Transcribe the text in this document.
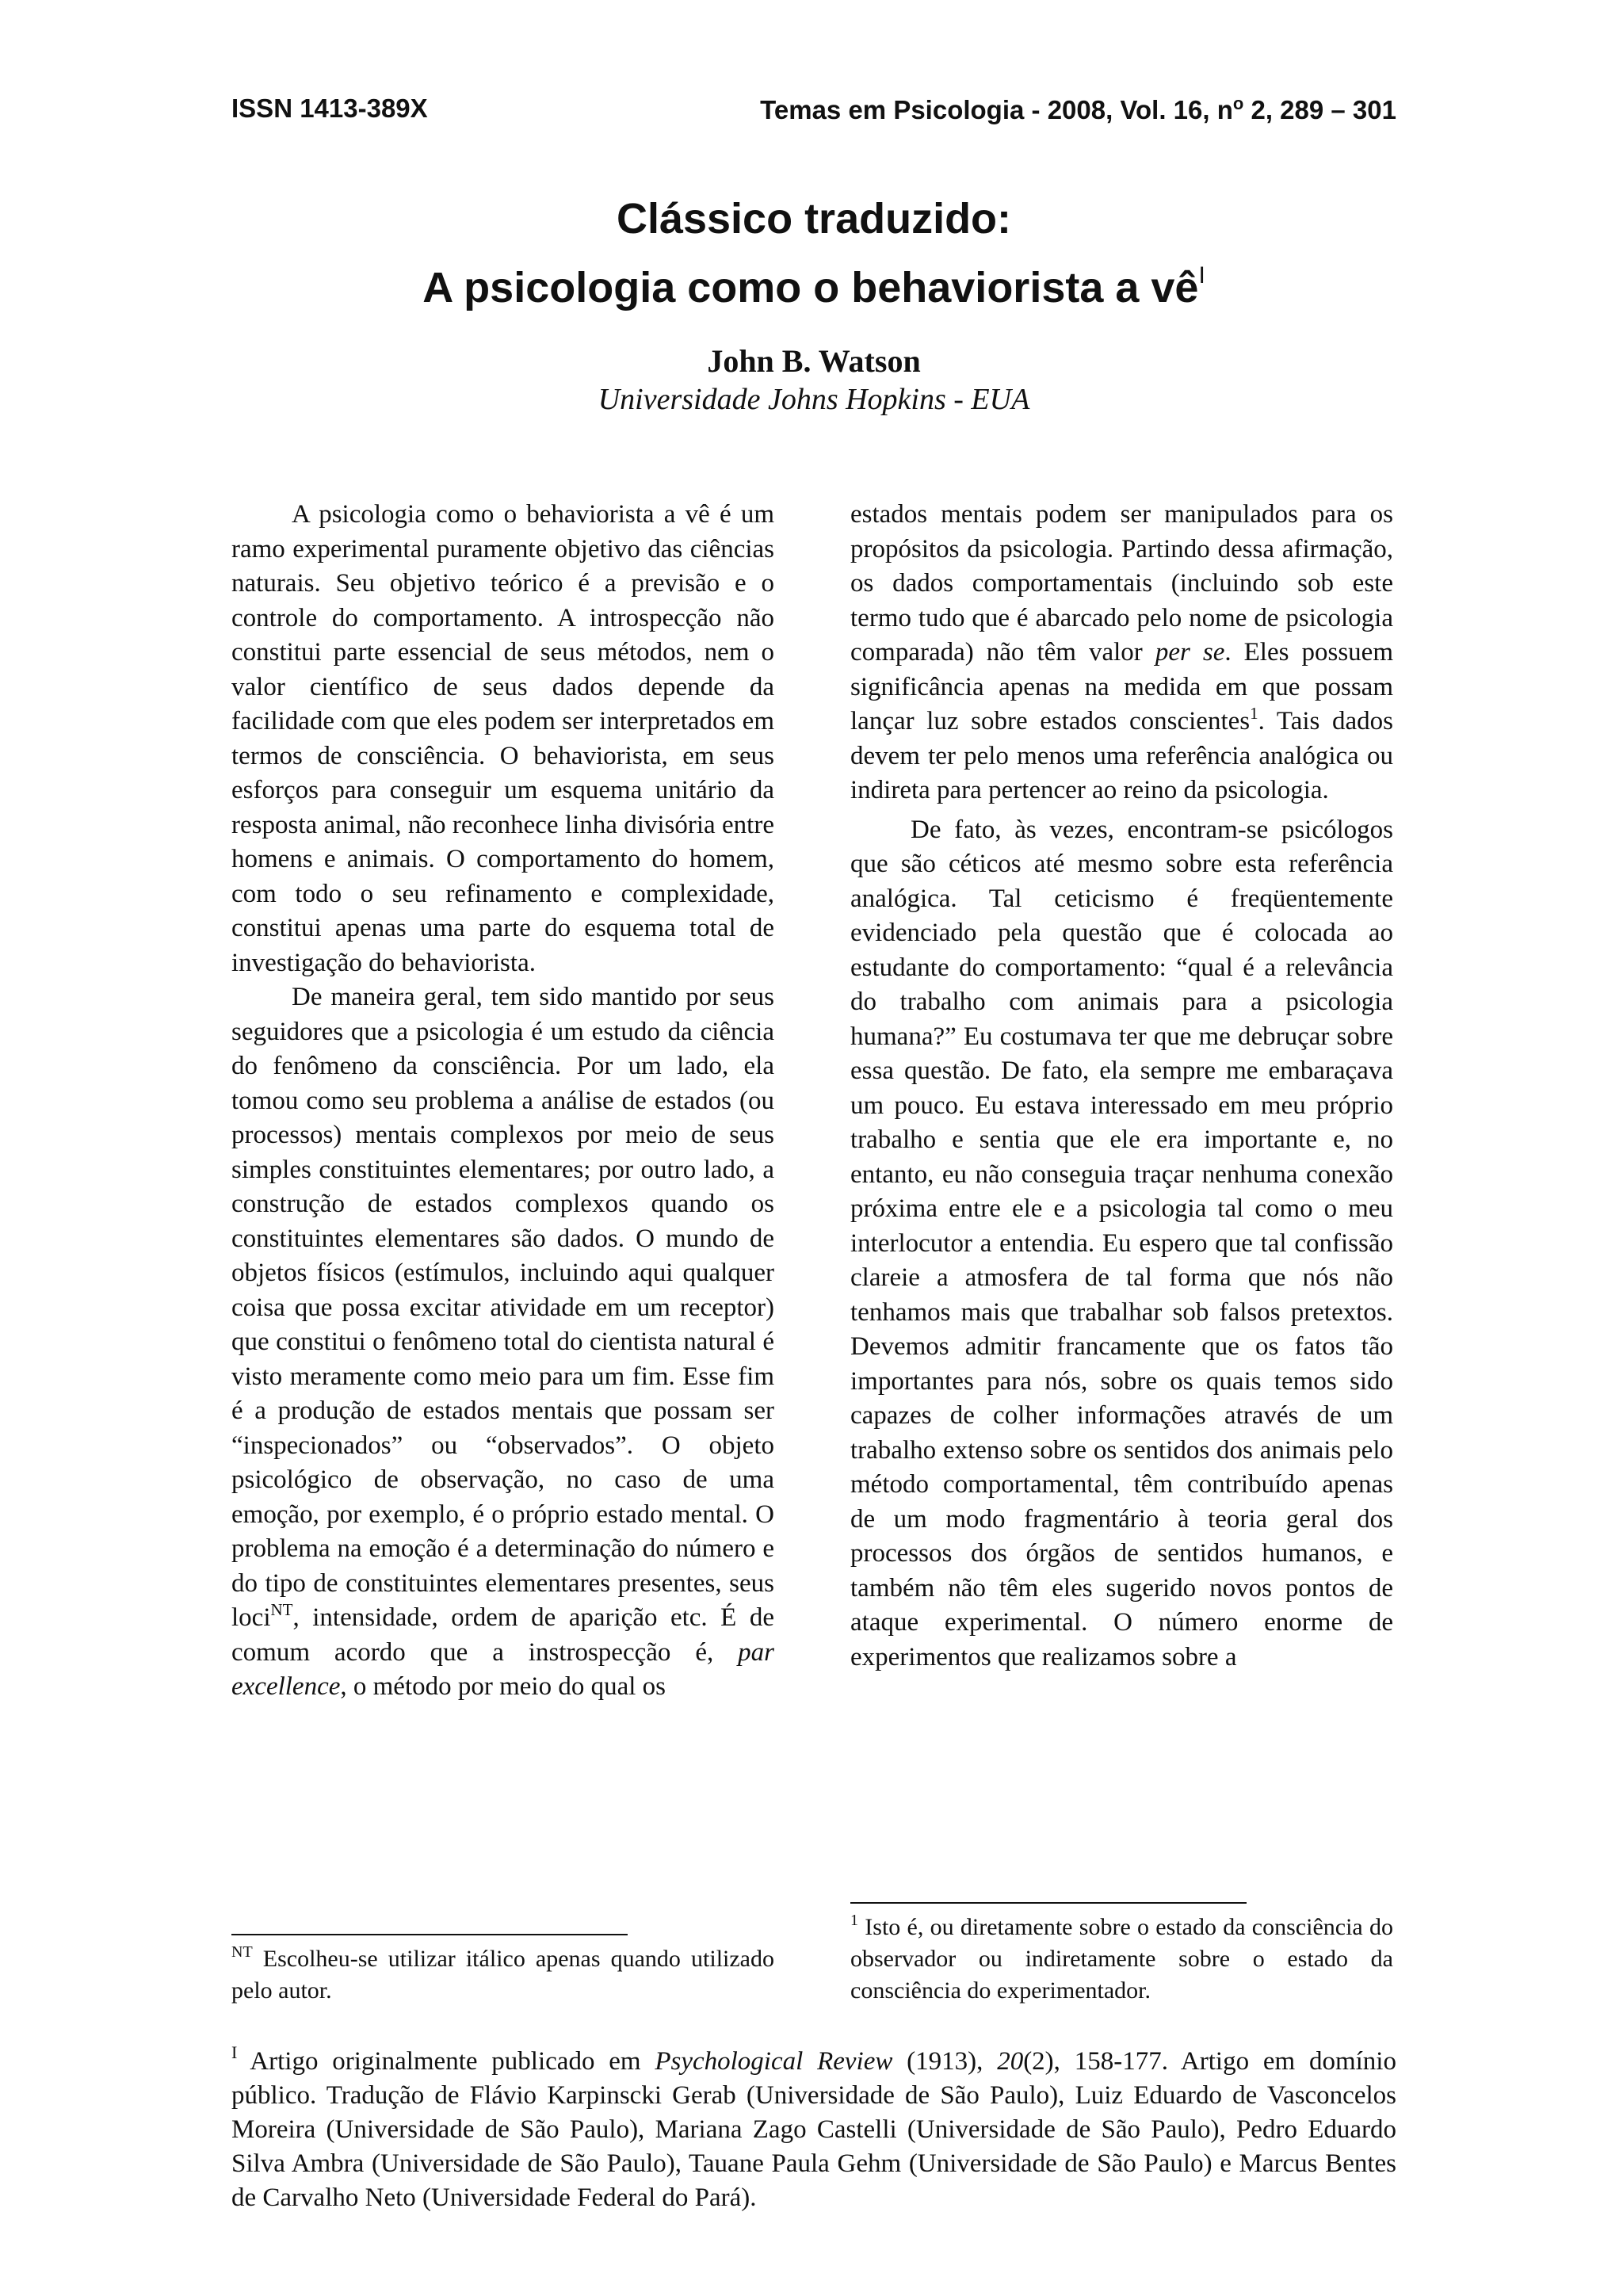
ISSN 1413-389X	Temas em Psicologia - 2008, Vol. 16, $n^o$ 2, 289 – 301
Clássico traduzido:
A psicologia como o behaviorista a $vê^I$
John B. Watson
Universidade Johns Hopkins - EUA

A psicologia como o behaviorista a vê é um ramo experimental puramente objetivo das ciências naturais. Seu objetivo teórico é a previsão e o controle do comportamento. A introspecção não constitui parte essencial de seus métodos, nem o valor científico de seus dados depende da facilidade com que eles podem ser interpretados em termos de consciência. O behaviorista, em seus esforços para conseguir um esquema unitário da resposta animal, não reconhece linha divisória entre homens e animais. O comportamento do homem, com todo o seu refinamento e complexidade, constitui apenas uma parte do esquema total de investigação do behaviorista.

De maneira geral, tem sido mantido por seus seguidores que a psicologia é um estudo da ciência do fenômeno da consciência. Por um lado, ela tomou como seu problema a análise de estados (ou processos) mentais complexos por meio de seus simples constituintes elementares; por outro lado, a construção de estados complexos quando os constituintes elementares são dados. O mundo de objetos físicos (estímulos, incluindo aqui qualquer coisa que possa excitar atividade em um receptor) que constitui o fenômeno total do cientista natural é visto meramente como meio para um fim. Esse fim é a produção de estados mentais que possam ser “inspecionados” ou “observados”. O objeto psicológico de observação, no caso de uma emoção, por exemplo, é o próprio estado mental. O problema na emoção é a determinação do número e do tipo de constituintes elementares presentes, seus loci$^{NT}$, intensidade, ordem de aparição etc. É de comum acordo que a instrospecção é, par excellence, o método por meio do qual os

estados mentais podem ser manipulados para os propósitos da psicologia. Partindo dessa afirmação, os dados comportamentais (incluindo sob este termo tudo que é abarcado pelo nome de psicologia comparada) não têm valor per se. Eles possuem significância apenas na medida em que possam lançar luz sobre estados conscientes$^1$. Tais dados devem ter pelo menos uma referência analógica ou indireta para pertencer ao reino da psicologia.

De fato, às vezes, encontram-se psicólogos que são céticos até mesmo sobre esta referência analógica. Tal ceticismo é freqüentemente evidenciado pela questão que é colocada ao estudante do comportamento: “qual é a relevância do trabalho com animais para a psicologia humana?” Eu costumava ter que me debruçar sobre essa questão. De fato, ela sempre me embaraçava um pouco. Eu estava interessado em meu próprio trabalho e sentia que ele era importante e, no entanto, eu não conseguia traçar nenhuma conexão próxima entre ele e a psicologia tal como o meu interlocutor a entendia. Eu espero que tal confissão clareie a atmosfera de tal forma que nós não tenhamos mais que trabalhar sob falsos pretextos. Devemos admitir francamente que os fatos tão importantes para nós, sobre os quais temos sido capazes de colher informações através de um trabalho extenso sobre os sentidos dos animais pelo método comportamental, têm contribuído apenas de um modo fragmentário à teoria geral dos processos dos órgãos de sentidos humanos, e também não têm eles sugerido novos pontos de ataque experimental. O número enorme de experimentos que realizamos sobre a

$^{NT}$ Escolheu-se utilizar itálico apenas quando utilizado pelo autor.
$^1$ Isto é, ou diretamente sobre o estado da consciência do observador ou indiretamente sobre o estado da consciência do experimentador.
$^I$ Artigo originalmente publicado em Psychological Review (1913), 20(2), 158-177. Artigo em domínio público. Tradução de Flávio Karpinscki Gerab (Universidade de São Paulo), Luiz Eduardo de Vasconcelos Moreira (Universidade de São Paulo), Mariana Zago Castelli (Universidade de São Paulo), Pedro Eduardo Silva Ambra (Universidade de São Paulo), Tauane Paula Gehm (Universidade de São Paulo) e Marcus Bentes de Carvalho Neto (Universidade Federal do Pará).
